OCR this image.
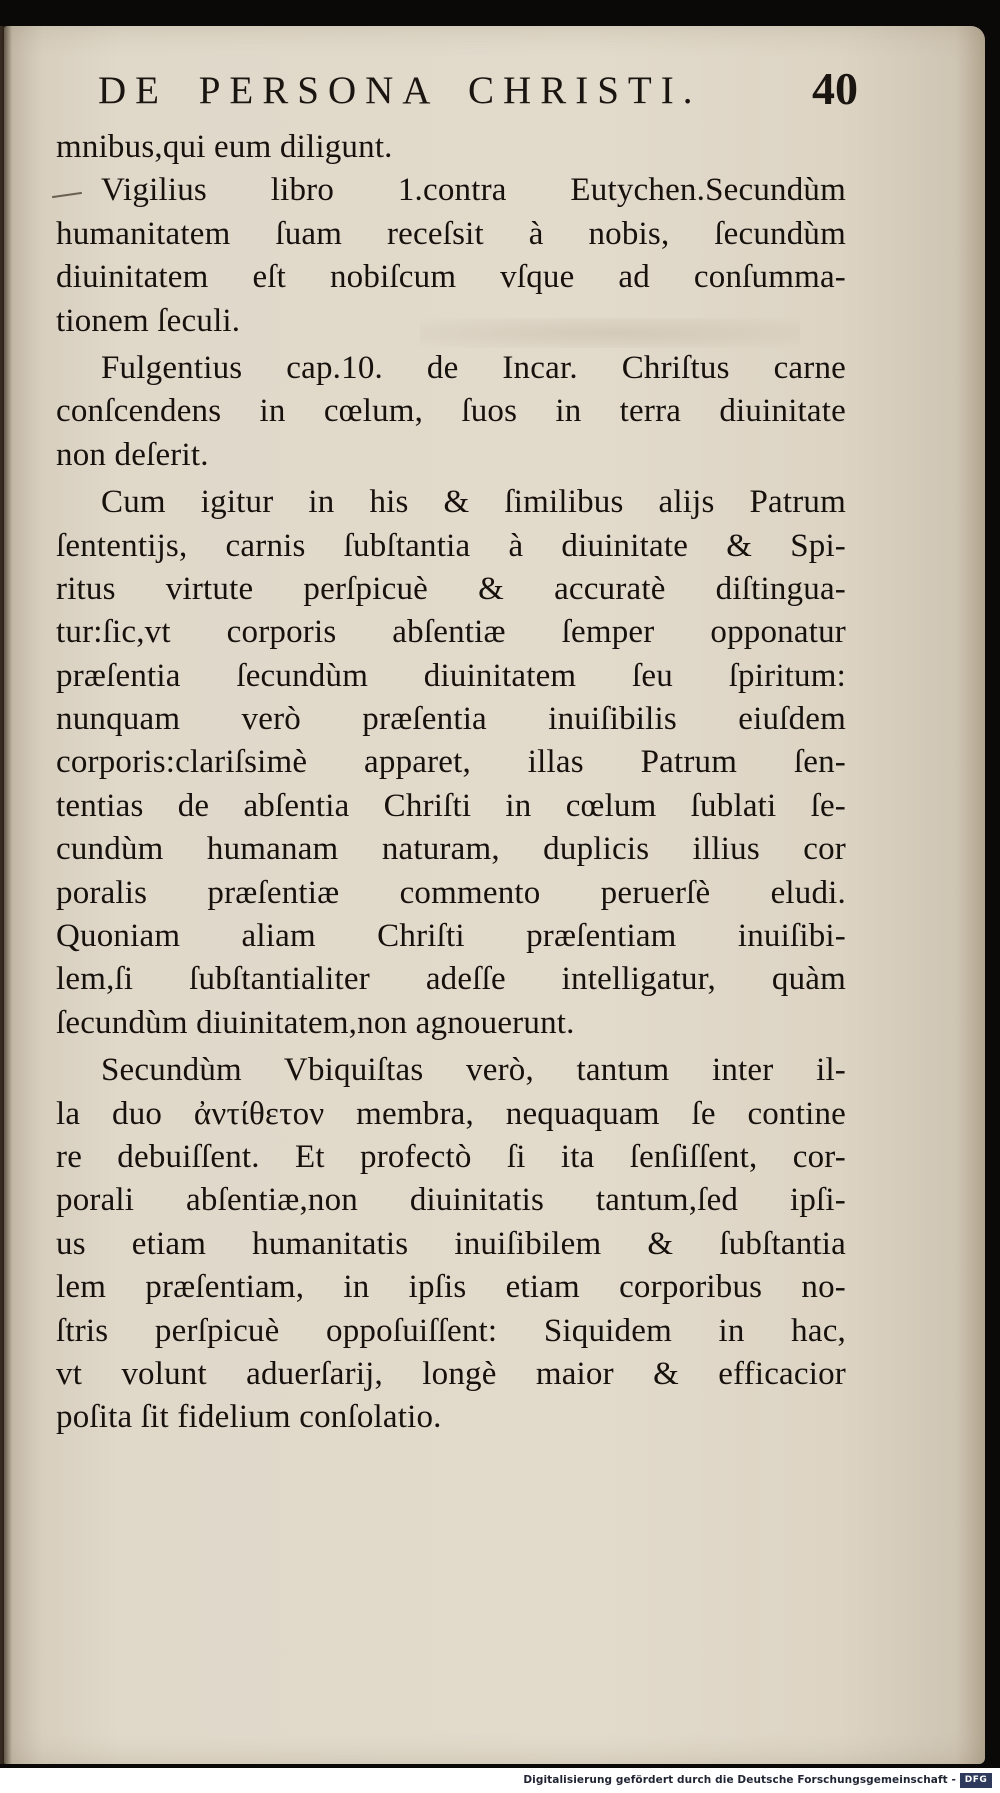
DE PERSONA CHRISTI. 40
mnibus,qui eum diligunt.
Vigilius libro 1.contra Eutychen.Secundùm
humanitatem ſuam receſsit à nobis, ſecundùm
diuinitatem eſt nobiſcum vſque ad conſumma-
tionem ſeculi.
Fulgentius cap.10. de Incar. Chriſtus carne
conſcendens in cœlum, ſuos in terra diuinitate
non deſerit.
Cum igitur in his & ſimilibus alijs Patrum
ſententijs, carnis ſubſtantia à diuinitate & Spi-
ritus virtute perſpicuè & accuratè diſtingua-
tur:ſic,vt corporis abſentiæ ſemper opponatur
præſentia ſecundùm diuinitatem ſeu ſpiritum:
nunquam verò præſentia inuiſibilis eiuſdem
corporis:clariſsimè apparet, illas Patrum ſen-
tentias de abſentia Chriſti in cœlum ſublati ſe-
cundùm humanam naturam, duplicis illius cor
poralis præſentiæ commento peruerſè eludi.
Quoniam aliam Chriſti præſentiam inuiſibi-
lem,ſi ſubſtantialiter adeſſe intelligatur, quàm
ſecundùm diuinitatem,non agnouerunt.
Secundùm Vbiquiſtas verò, tantum inter il-
la duo ἀντίθετον membra, nequaquam ſe contine
re debuiſſent. Et profectò ſi ita ſenſiſſent, cor-
porali abſentiæ,non diuinitatis tantum,ſed ipſi-
us etiam humanitatis inuiſibilem & ſubſtantia
lem præſentiam, in ipſis etiam corporibus no-
ſtris perſpicuè oppoſuiſſent: Siquidem in hac,
vt volunt aduerſarij, longè maior & efficacior
poſita ſit fidelium conſolatio.
Digitalisierung gefördert durch die Deutsche Forschungsgemeinschaft - DFG
